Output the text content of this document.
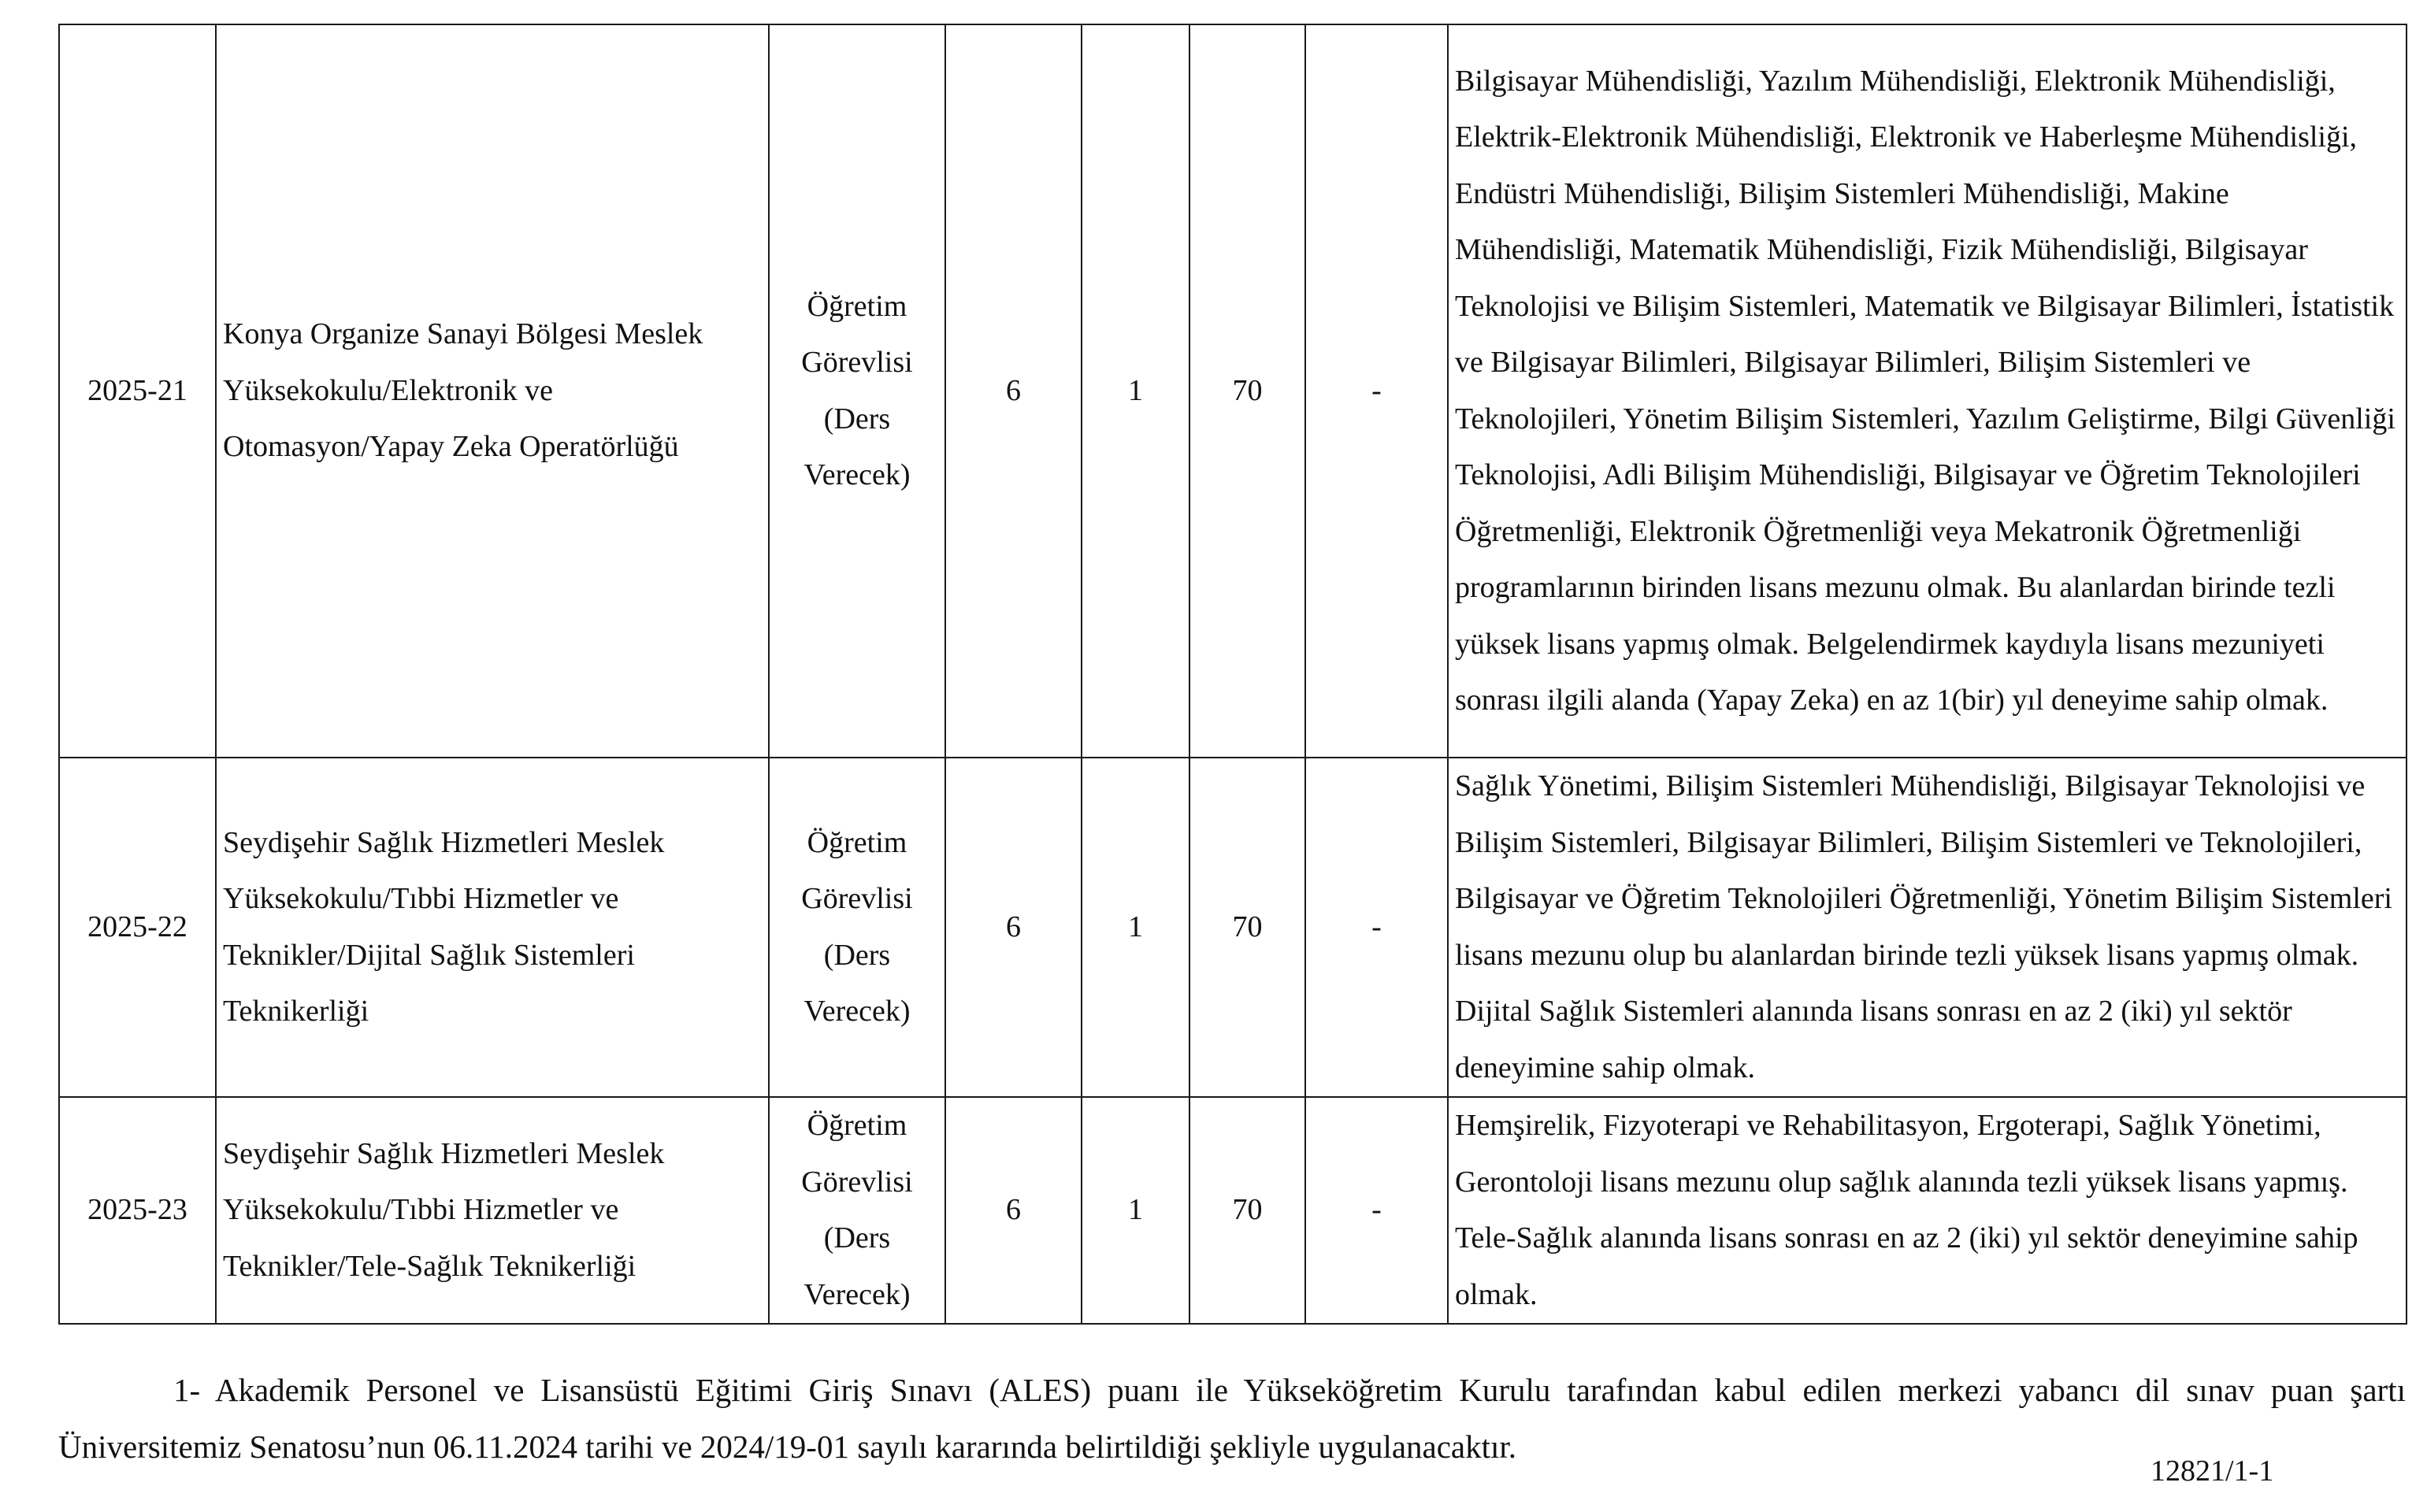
2025-21	Konya Organize Sanayi Bölgesi Meslek Yüksekokulu/Elektronik ve Otomasyon/Yapay Zeka Operatörlüğü	Öğretim Görevlisi (Ders Verecek)	6	1	70	-	Bilgisayar Mühendisliği, Yazılım Mühendisliği, Elektronik Mühendisliği, Elektrik-Elektronik Mühendisliği, Elektronik ve Haberleşme Mühendisliği, Endüstri Mühendisliği, Bilişim Sistemleri Mühendisliği, Makine Mühendisliği, Matematik Mühendisliği, Fizik Mühendisliği, Bilgisayar Teknolojisi ve Bilişim Sistemleri, Matematik ve Bilgisayar Bilimleri, İstatistik ve Bilgisayar Bilimleri, Bilgisayar Bilimleri, Bilişim Sistemleri ve Teknolojileri, Yönetim Bilişim Sistemleri, Yazılım Geliştirme, Bilgi Güvenliği Teknolojisi, Adli Bilişim Mühendisliği, Bilgisayar ve Öğretim Teknolojileri Öğretmenliği, Elektronik Öğretmenliği veya Mekatronik Öğretmenliği programlarının birinden lisans mezunu olmak. Bu alanlardan birinde tezli yüksek lisans yapmış olmak. Belgelendirmek kaydıyla lisans mezuniyeti sonrası ilgili alanda (Yapay Zeka) en az 1(bir) yıl deneyime sahip olmak.

2025-22	Seydişehir Sağlık Hizmetleri Meslek Yüksekokulu/Tıbbi Hizmetler ve Teknikler/Dijital Sağlık Sistemleri Teknikerliği	Öğretim Görevlisi (Ders Verecek)	6	1	70	-	Sağlık Yönetimi, Bilişim Sistemleri Mühendisliği, Bilgisayar Teknolojisi ve Bilişim Sistemleri, Bilgisayar Bilimleri, Bilişim Sistemleri ve Teknolojileri, Bilgisayar ve Öğretim Teknolojileri Öğretmenliği, Yönetim Bilişim Sistemleri lisans mezunu olup bu alanlardan birinde tezli yüksek lisans yapmış olmak. Dijital Sağlık Sistemleri alanında lisans sonrası en az 2 (iki) yıl sektör deneyimine sahip olmak.

2025-23	Seydişehir Sağlık Hizmetleri Meslek Yüksekokulu/Tıbbi Hizmetler ve Teknikler/Tele-Sağlık Teknikerliği	Öğretim Görevlisi (Ders Verecek)	6	1	70	-	Hemşirelik, Fizyoterapi ve Rehabilitasyon, Ergoterapi, Sağlık Yönetimi, Gerontoloji lisans mezunu olup sağlık alanında tezli yüksek lisans yapmış. Tele-Sağlık alanında lisans sonrası en az 2 (iki) yıl sektör deneyimine sahip olmak.

1- Akademik Personel ve Lisansüstü Eğitimi Giriş Sınavı (ALES) puanı ile Yükseköğretim Kurulu tarafından kabul edilen merkezi yabancı dil sınav puan şartı Üniversitemiz Senatosu’nun 06.11.2024 tarihi ve 2024/19-01 sayılı kararında belirtildiği şekliyle uygulanacaktır.

12821/1-1
